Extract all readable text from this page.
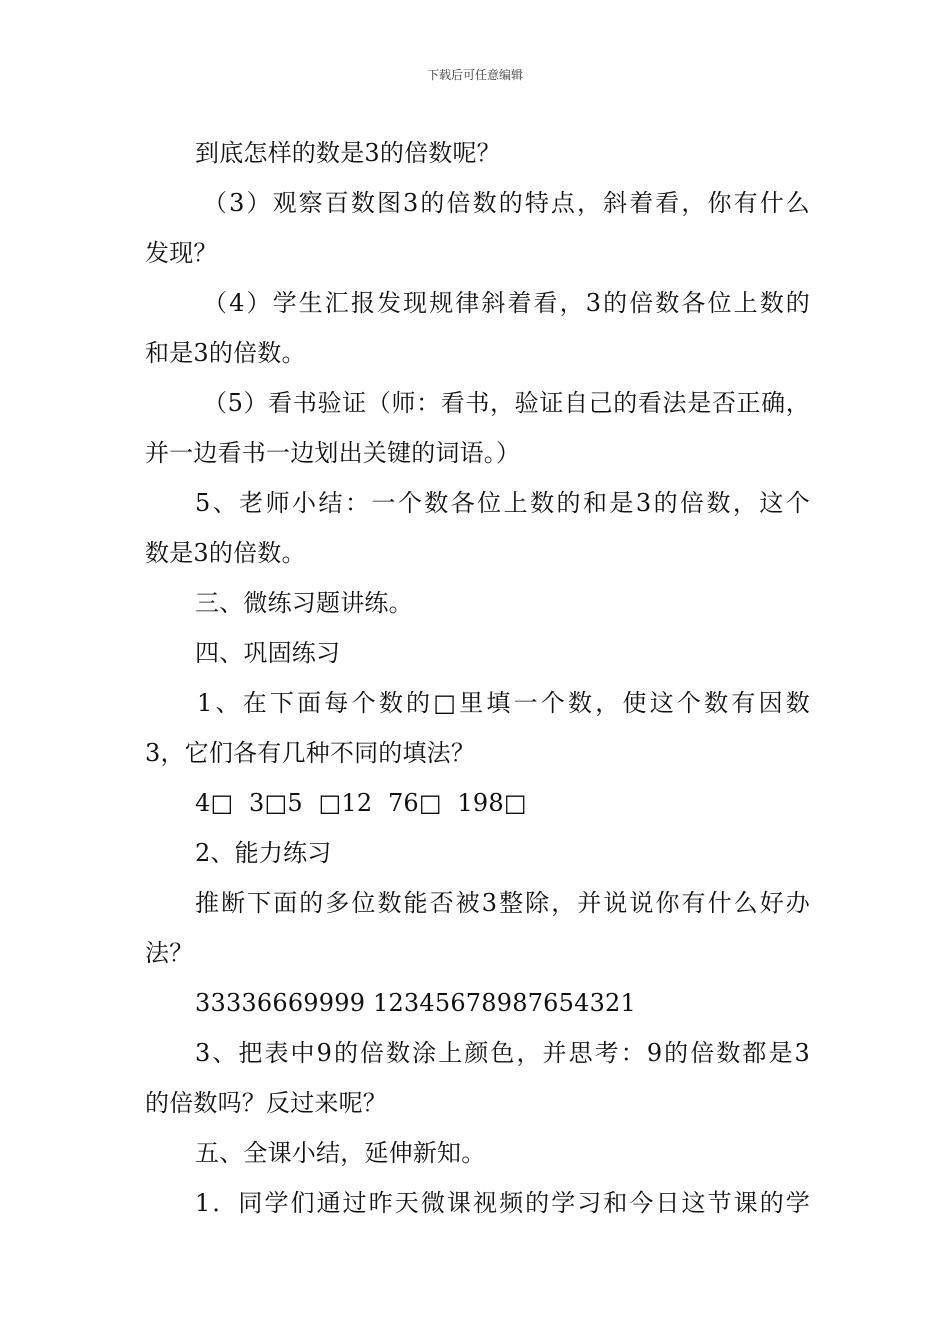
下载后可任意编辑
到底怎样的数是3的倍数呢？
（3）观察百数图3的倍数的特点，斜着看，你有什么
发现？
（4）学生汇报发现规律斜着看，3的倍数各位上数的
和是3的倍数。
（5）看书验证（师：看书，验证自己的看法是否正确，
并一边看书一边划出关键的词语。）
5、老师小结：一个数各位上数的和是3的倍数，这个
数是3的倍数。
三、微练习题讲练。
四、巩固练习
1、在下面每个数的□里填一个数，使这个数有因数
3，它们各有几种不同的填法？
4□  3□5  □12  76□  198□
2、能力练习
推断下面的多位数能否被3整除，并说说你有什么好办
法？
33336669999 12345678987654321
3、把表中9的倍数涂上颜色，并思考：9的倍数都是3
的倍数吗？反过来呢？
五、全课小结，延伸新知。
1．同学们通过昨天微课视频的学习和今日这节课的学
